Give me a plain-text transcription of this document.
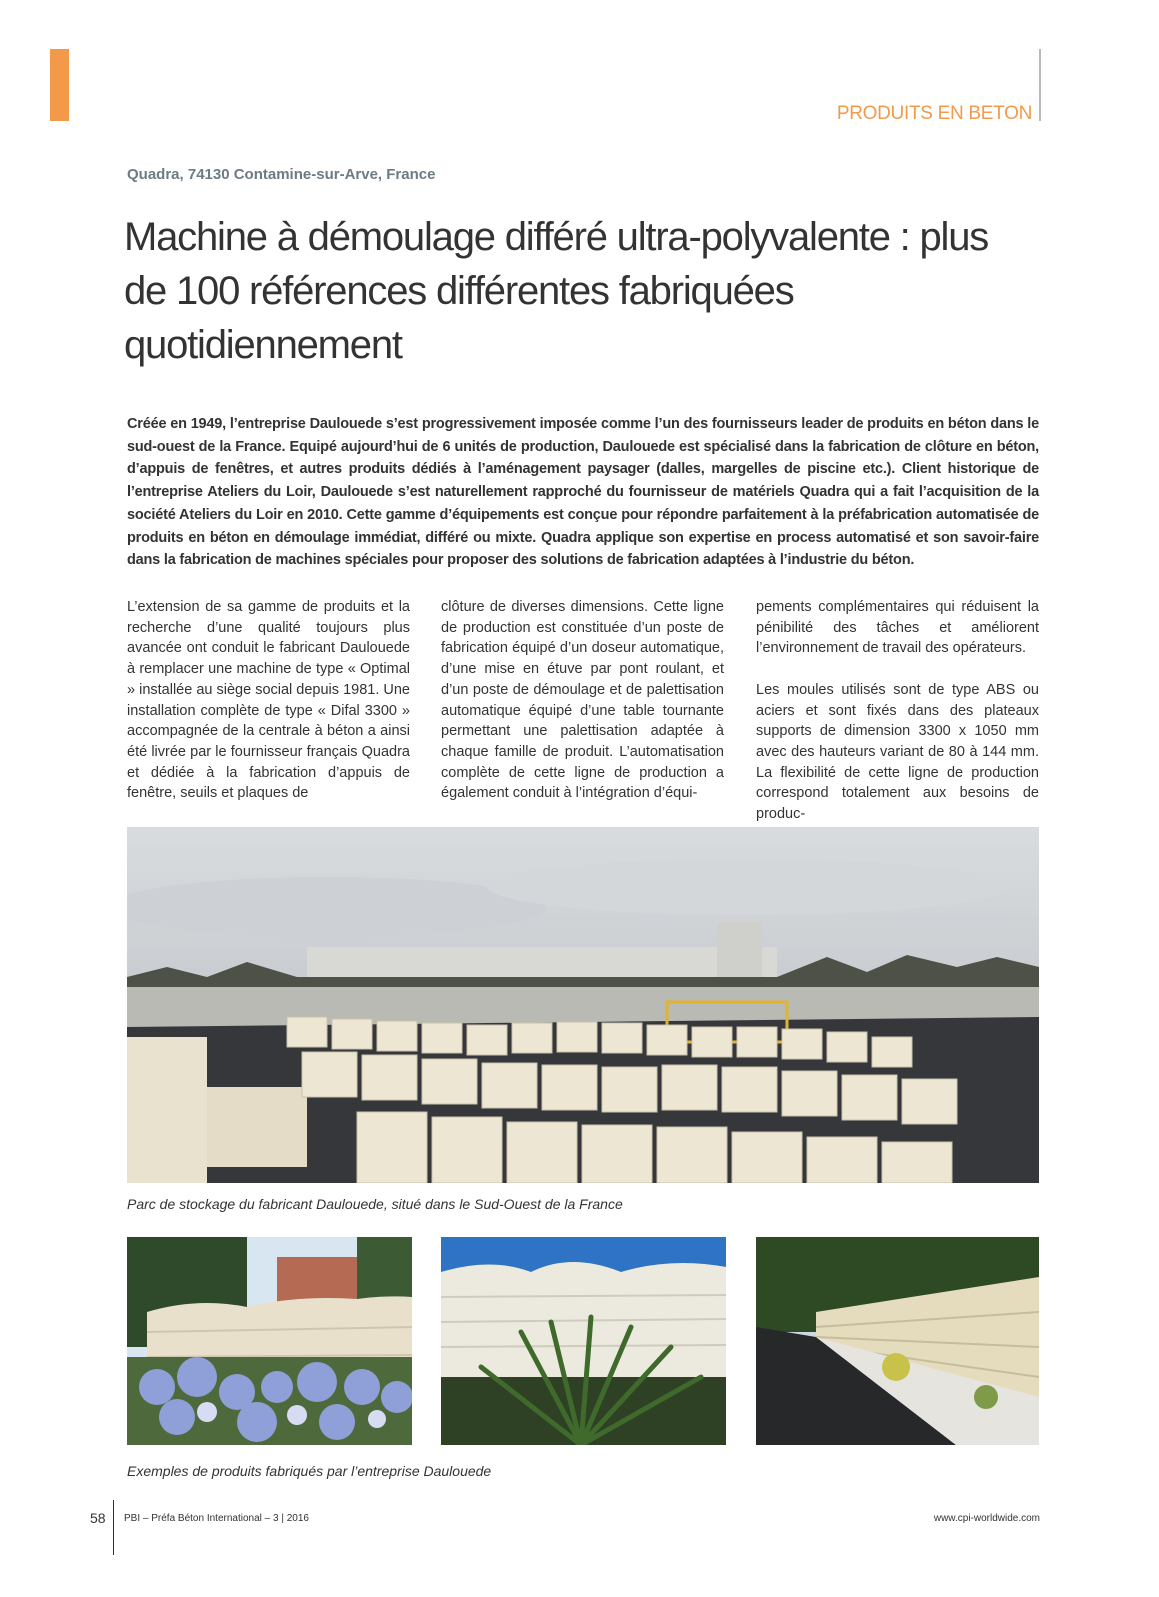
PRODUITS EN BETON
Quadra, 74130 Contamine-sur-Arve, France
Machine à démoulage différé ultra-polyvalente : plus de 100 références différentes fabriquées quotidiennement

Créée en 1949, l’entreprise Daulouede s’est progressivement imposée comme l’un des fournisseurs leader de produits en béton dans le sud-ouest de la France. Equipé aujourd’hui de 6 unités de production, Daulouede est spécialisé dans la fabrication de clôture en béton, d’appuis de fenêtres, et autres produits dédiés à l’aménagement paysager (dalles, margelles de piscine etc.). Client historique de l’entreprise Ateliers du Loir, Daulouede s’est naturellement rapproché du fournisseur de matériels Quadra qui a fait l’acquisition de la société Ateliers du Loir en 2010. Cette gamme d’équipements est conçue pour répondre parfaitement à la préfabrication automatisée de produits en béton en démoulage immédiat, différé ou mixte. Quadra applique son expertise en process automatisé et son savoir-faire dans la fabrication de machines spéciales pour proposer des solutions de fabrication adaptées à l’industrie du béton.

L’extension de sa gamme de produits et la recherche d’une qualité toujours plus avancée ont conduit le fabricant Daulouede à remplacer une machine de type « Optimal » installée au siège social depuis 1981. Une installation complète de type « Difal 3300 » accompagnée de la centrale à béton a ainsi été livrée par le fournisseur français Quadra et dédiée à la fabrication d’appuis de fenêtre, seuils et plaques de

clôture de diverses dimensions. Cette ligne de production est constituée d’un poste de fabrication équipé d’un doseur automatique, d’une mise en étuve par pont roulant, et d’un poste de démoulage et de palettisation automatique équipé d’une table tournante permettant une palettisation adaptée à chaque famille de produit. L’automatisation complète de cette ligne de production a également conduit à l’intégration d’équi-

pements complémentaires qui réduisent la pénibilité des tâches et améliorent l’environnement de travail des opérateurs.

Les moules utilisés sont de type ABS ou aciers et sont fixés dans des plateaux supports de dimension 3300 x 1050 mm avec des hauteurs variant de 80 à 144 mm. La flexibilité de cette ligne de production correspond totalement aux besoins de produc-

Parc de stockage du fabricant Daulouede, situé dans le Sud-Ouest de la France
Exemples de produits fabriqués par l’entreprise Daulouede
58 PBI – Préfa Béton International – 3 | 2016	www.cpi-worldwide.com
